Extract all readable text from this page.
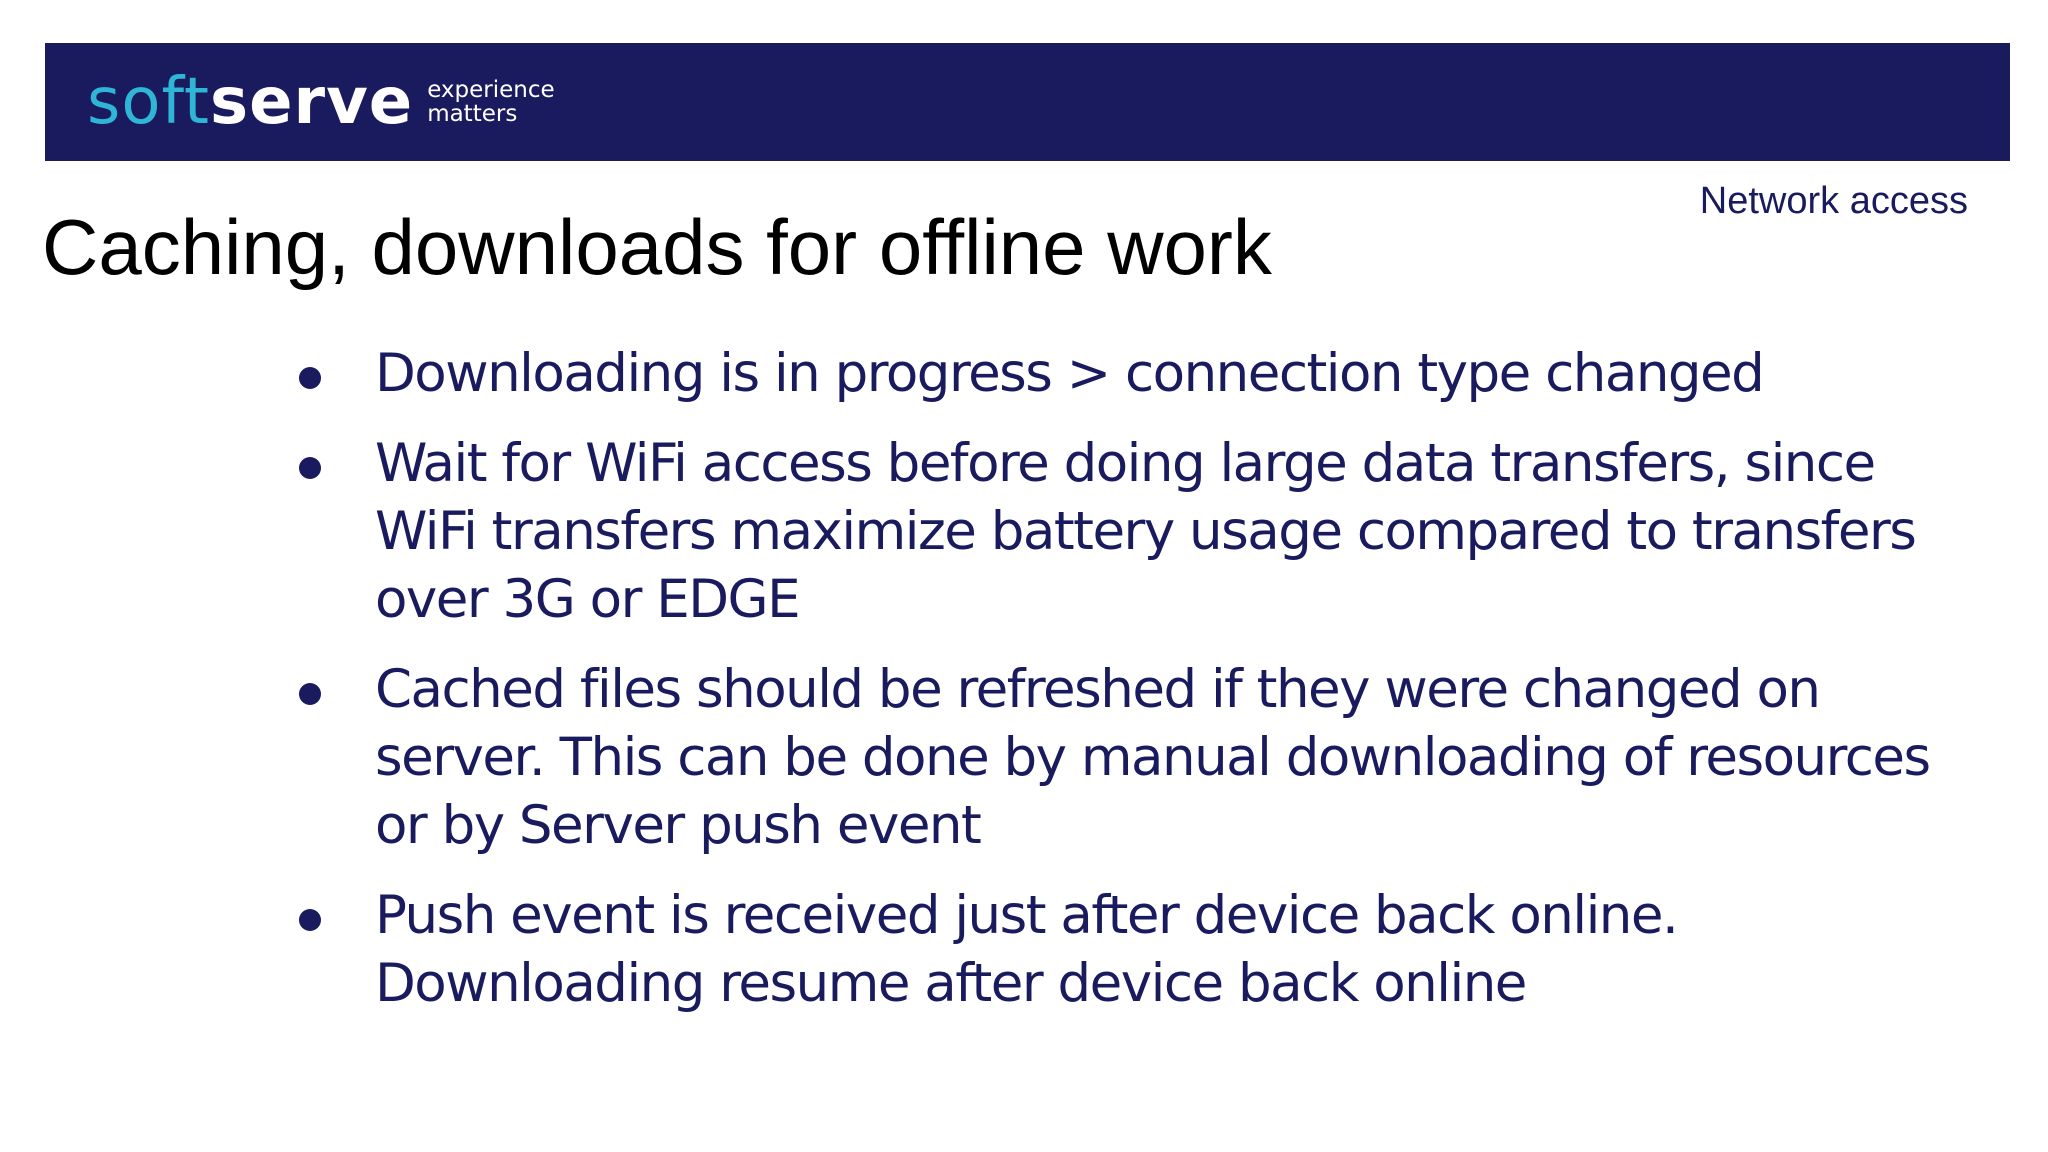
soft serve experience
matters
Network access
Caching, downloads for offline work
Downloading is in progress > connection type changed
Wait for WiFi access before doing large data transfers, since WiFi transfers maximize battery usage compared to transfers over 3G or EDGE
Cached files should be refreshed if they were changed on server. This can be done by manual downloading of resources or by Server push event
Push event is received just after device back online. Downloading resume after device back online
